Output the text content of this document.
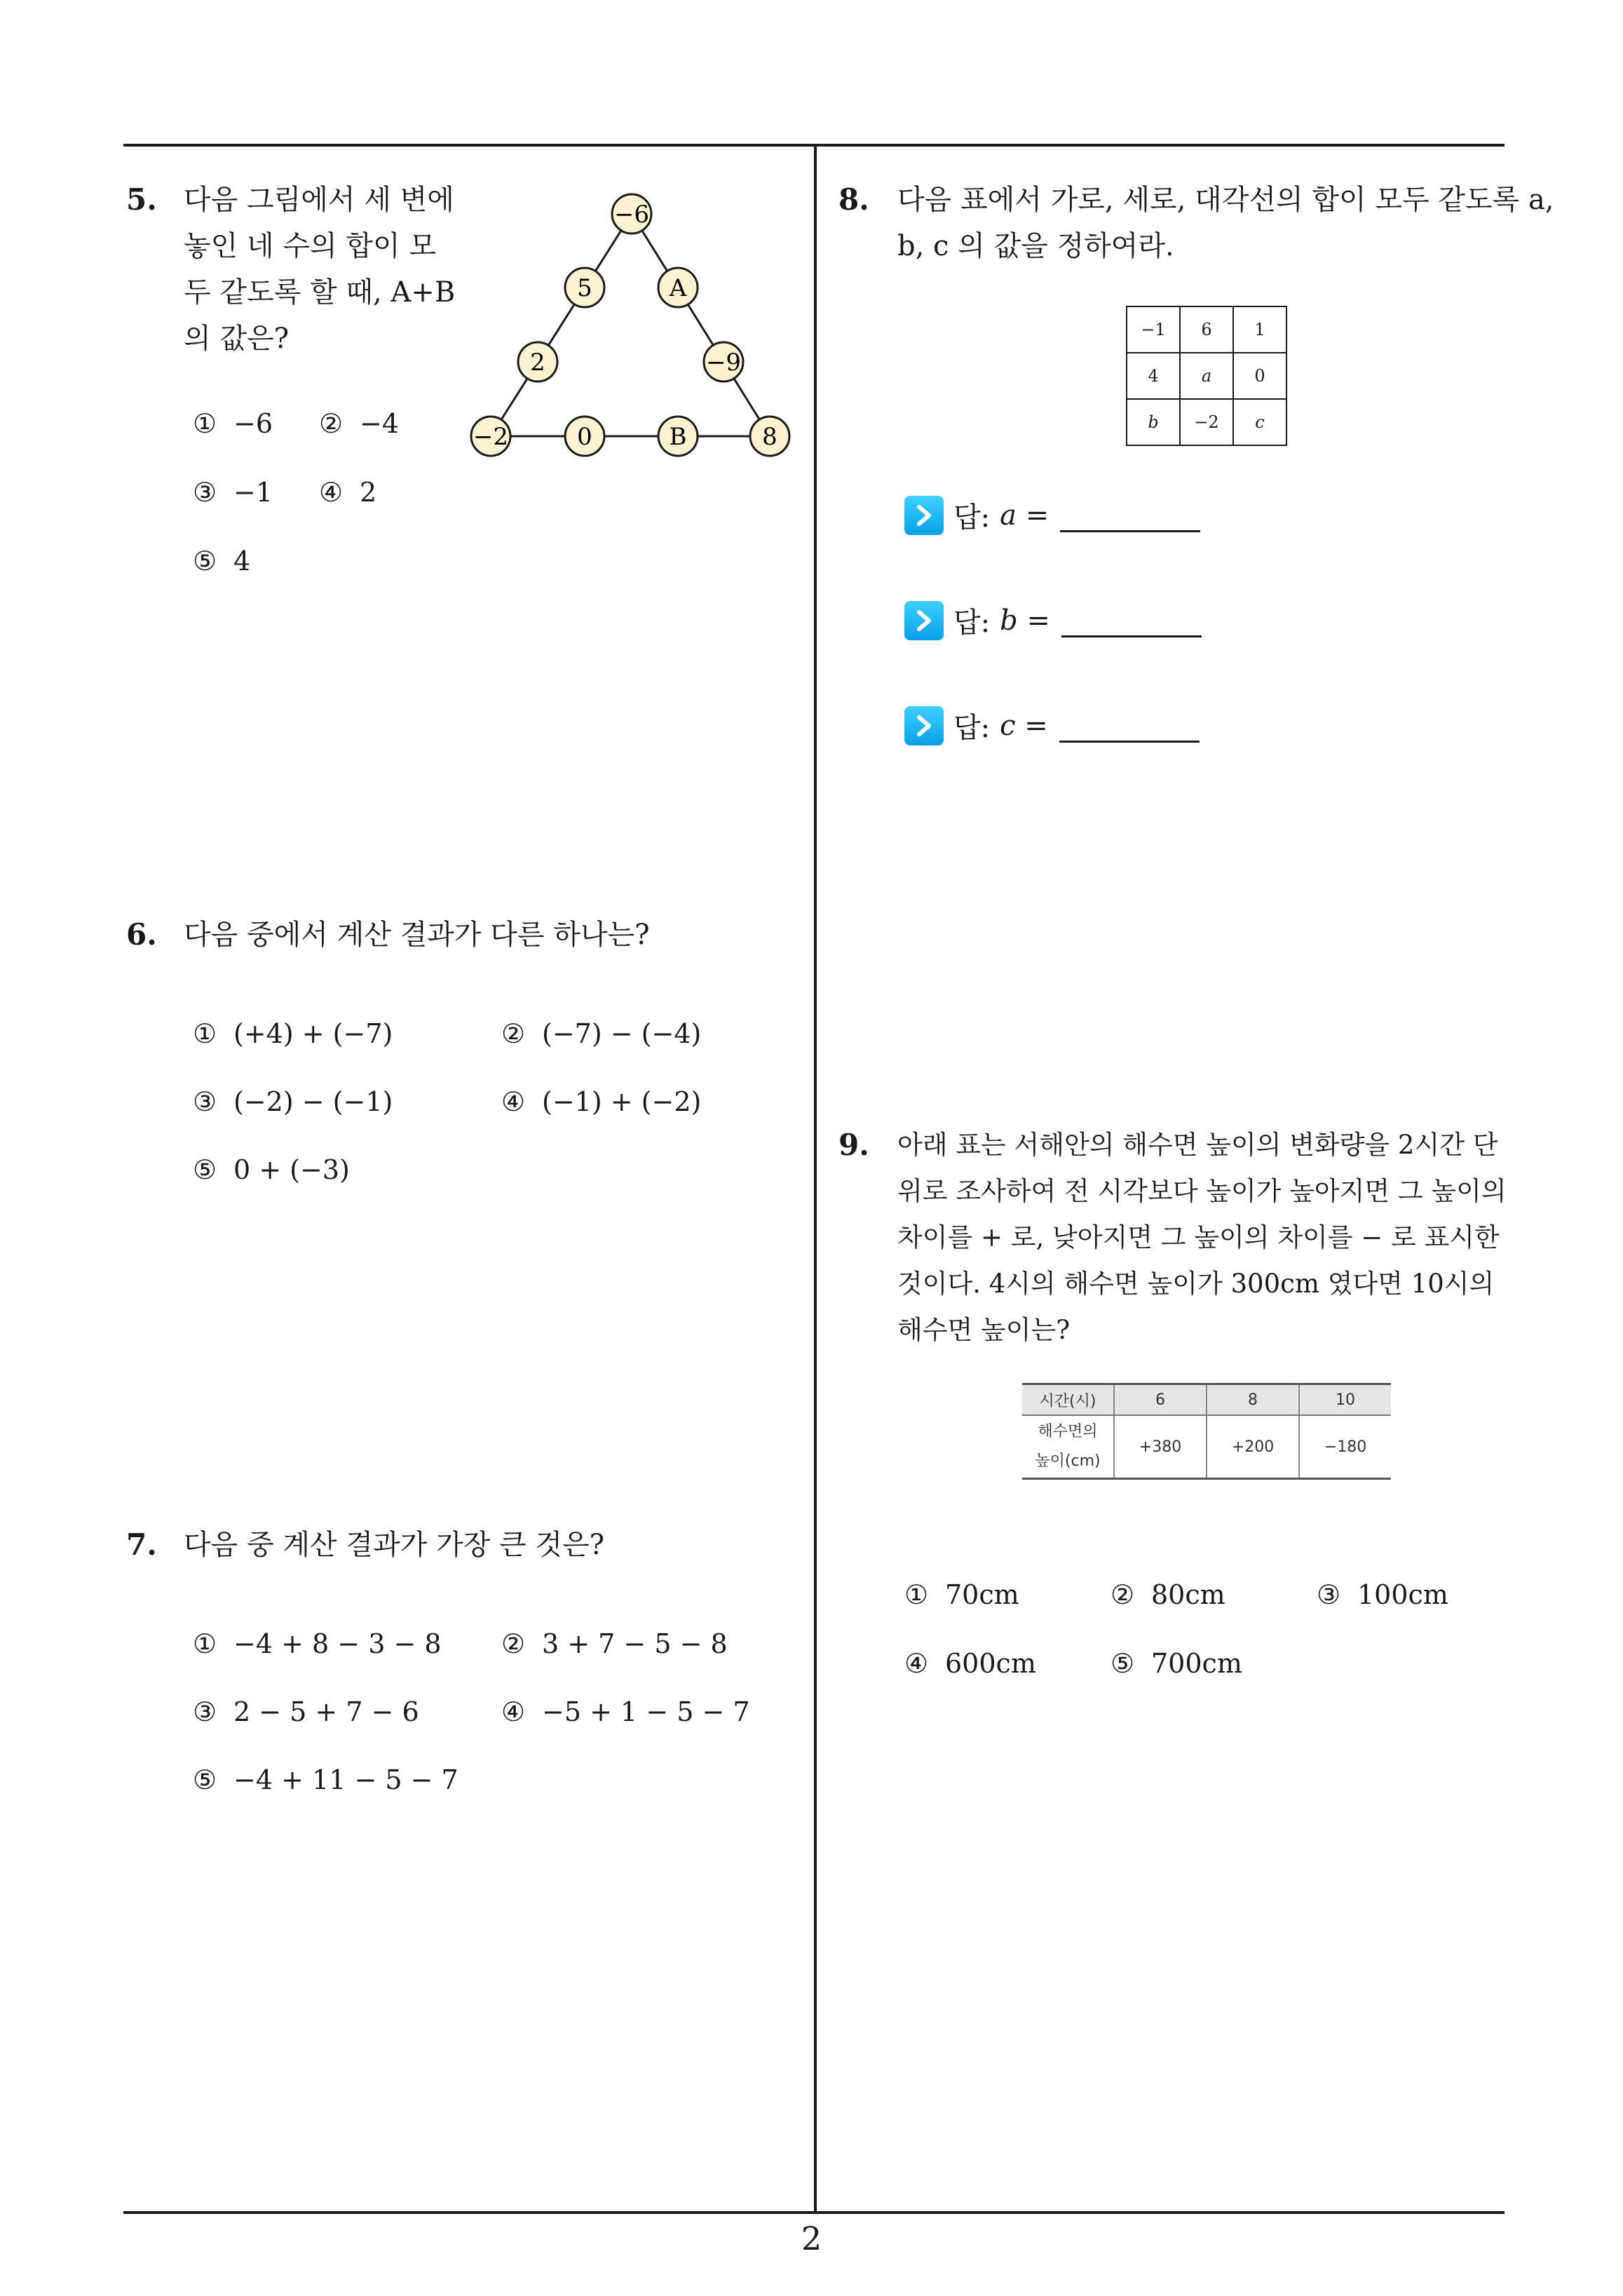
5. 다음 그림에서 세 변에
놓인 네 수의 합이 모
두 같도록 할 때, A+B
의 값은?
−6
5	A
2	−9
−2	0	B	8
① −6 ② −4
③ −1 ④ 2
⑤ 4
6. 다음 중에서 계산 결과가 다른 하나는?
① (+4) + (−7)	② (−7) − (−4)
③ (−2) − (−1)	④ (−1) + (−2)
⑤ 0 + (−3)
7. 다음 중 계산 결과가 가장 큰 것은?
① −4 + 8 − 3 − 8 ② 3 + 7 − 5 − 8
③ 2 − 5 + 7 − 6	④ −5 + 1 − 5 − 7
⑤ −4 + 11 − 5 − 7
8. 다음 표에서 가로, 세로, 대각선의 합이 모두 같도록 a,
b, c 의 값을 정하여라.
−1	6	1
4	a	0
b	−2	c
답: a =
답: b =
답: c =
9. 아래 표는 서해안의 해수면 높이의 변화량을 2시간 단
위로 조사하여 전 시각보다 높이가 높아지면 그 높이의
차이를 + 로, 낮아지면 그 높이의 차이를 − 로 표시한
것이다. 4시의 해수면 높이가 300cm 였다면 10시의
해수면 높이는?
시간(시)	6	8	10

해수면의
높이(cm)	+380	+200	−180
① 70cm	② 80cm	③ 100cm
④ 600cm	⑤ 700cm
2
